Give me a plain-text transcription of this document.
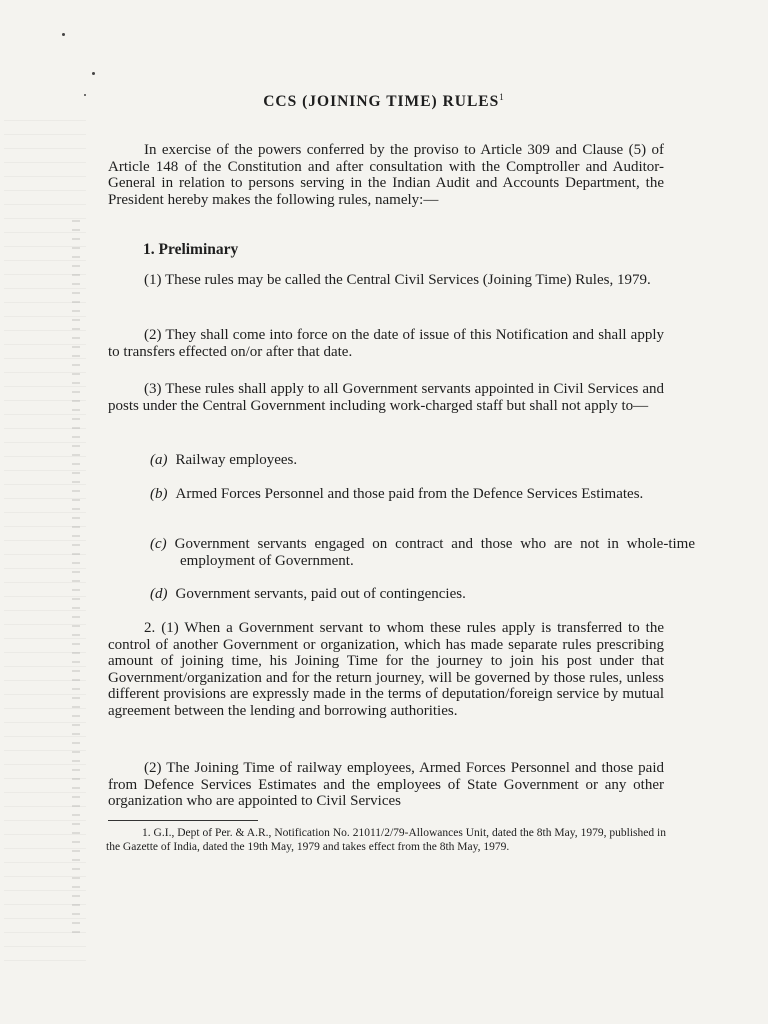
CCS (JOINING TIME) RULES$^1$
In exercise of the powers conferred by the proviso to Article 309 and Clause (5) of Article 148 of the Constitution and after consultation with the Comptroller and Auditor-General in relation to persons serving in the Indian Audit and Accounts Department, the President hereby makes the following rules, namely:—
1. Preliminary
(1) These rules may be called the Central Civil Services (Joining Time) Rules, 1979.
(2) They shall come into force on the date of issue of this Notification and shall apply to transfers effected on/or after that date.
(3) These rules shall apply to all Government servants appointed in Civil Services and posts under the Central Government including work-charged staff but shall not apply to—
(a) Railway employees.
(b) Armed Forces Personnel and those paid from the Defence Services Estimates.
(c) Government servants engaged on contract and those who are not in whole-time employment of Government.
(d) Government servants, paid out of contingencies.
2. (1) When a Government servant to whom these rules apply is transferred to the control of another Government or organization, which has made separate rules prescribing amount of joining time, his Joining Time for the journey to join his post under that Government/organization and for the return journey, will be governed by those rules, unless different provisions are expressly made in the terms of deputation/foreign service by mutual agreement between the lending and borrowing authorities.
(2) The Joining Time of railway employees, Armed Forces Personnel and those paid from Defence Services Estimates and the employees of State Government or any other organization who are appointed to Civil Services
1. G.I., Dept of Per. & A.R., Notification No. 21011/2/79-Allowances Unit, dated the 8th May, 1979, published in the Gazette of India, dated the 19th May, 1979 and takes effect from the 8th May, 1979.
